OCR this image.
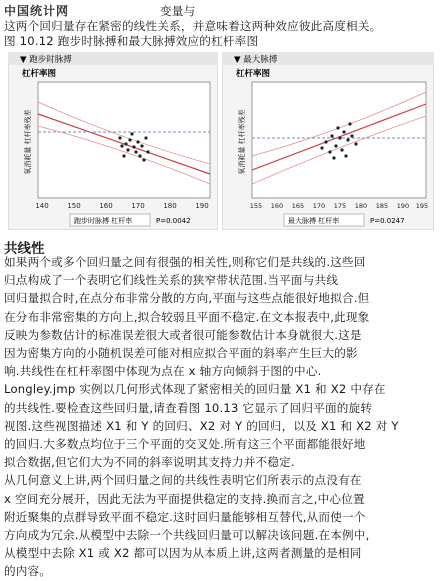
中国统计网	变量与
这两个回归量存在紧密的线性关系，并意味着这两种效应彼此高度相关。
图 10.12 跑步时脉搏和最大脉搏效应的杠杆率图
▼ 跑步时脉搏
杠杆率图
氧消耗量 杠杆率残差
140	150	160	170	180	190
跑步时脉搏 杠杆率	P=0.0042
▼ 最大脉搏
杠杆率图
氧消耗量 杠杆率残差
155 160 165 170 175 180 185 190 195
最大脉搏 杠杆率	P=0.0247
共线性
如果两个或多个回归量之间有很强的相关性,则称它们是共线的.这些回
归点构成了一个表明它们线性关系的狭窄带状范围.当平面与共线
回归量拟合时,在点分布非常分散的方向,平面与这些点能很好地拟合.但
在分布非常密集的方向上,拟合较弱且平面不稳定.在文本报表中,此现象
反映为参数估计的标准误差很大或者很可能参数估计本身就很大.这是
因为密集方向的小随机误差可能对相应拟合平面的斜率产生巨大的影
响.共线性在杠杆率图中体现为点在 x 轴方向倾斜于图的中心.
Longley.jmp 实例以几何形式体现了紧密相关的回归量 X1 和 X2 中存在
的共线性.要检查这些回归量,请查看图 10.13 它显示了回归平面的旋转
视图.这些视图描述 X1 和 Y 的回归、X2 对 Y 的回归，以及 X1 和 X2 对 Y
的回归.大多数点均位于三个平面的交叉处.所有这三个平面都能很好地
拟合数据,但它们大为不同的斜率说明其支持力并不稳定.
从几何意义上讲,两个回归量之间的共线性表明它们所表示的点没有在
x 空间充分展开，因此无法为平面提供稳定的支持.换而言之,中心位置
附近聚集的点群导致平面不稳定.这时回归量能够相互替代,从而使一个
方向成为冗余.从模型中去除一个共线回归量可以解决该问题.在本例中,
从模型中去除 X1 或 X2 都可以因为从本质上讲,这两者测量的是相同
的内容。
